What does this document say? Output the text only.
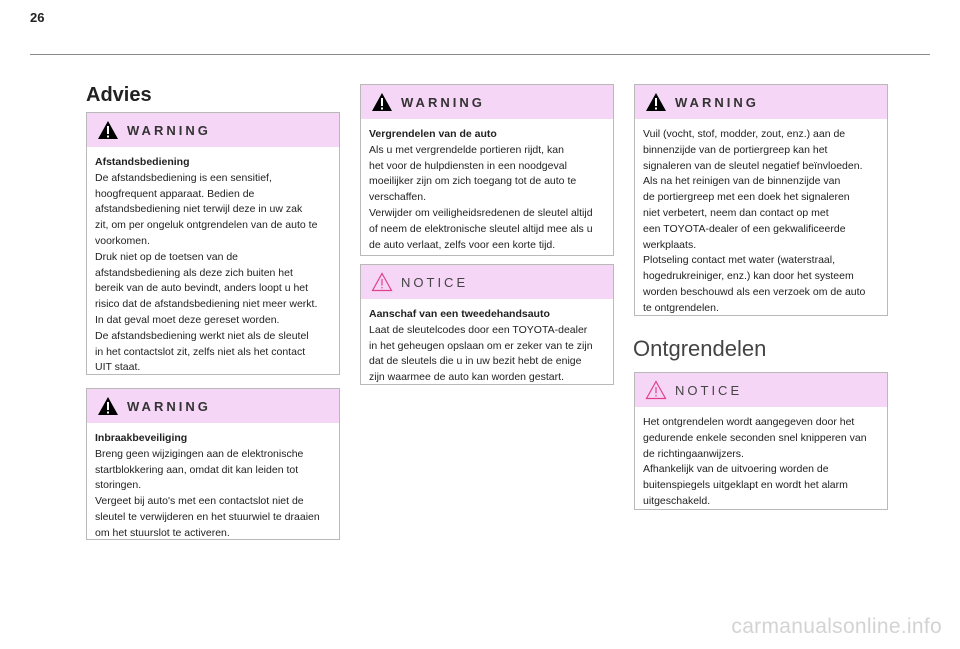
26
Advies
WARNING

Afstandsbediening

De afstandsbediening is een sensitief,
hoogfrequent apparaat. Bedien de
afstandsbediening niet terwijl deze in uw zak
zit, om per ongeluk ontgrendelen van de auto te
voorkomen.
Druk niet op de toetsen van de
afstandsbediening als deze zich buiten het
bereik van de auto bevindt, anders loopt u het
risico dat de afstandsbediening niet meer werkt.
In dat geval moet deze gereset worden.
De afstandsbediening werkt niet als de sleutel
in het contactslot zit, zelfs niet als het contact
UIT staat.

WARNING

Inbraakbeveiliging

Breng geen wijzigingen aan de elektronische
startblokkering aan, omdat dit kan leiden tot
storingen.
Vergeet bij auto's met een contactslot niet de
sleutel te verwijderen en het stuurwiel te draaien
om het stuurslot te activeren.

WARNING

Vergrendelen van de auto

Als u met vergrendelde portieren rijdt, kan
het voor de hulpdiensten in een noodgeval
moeilijker zijn om zich toegang tot de auto te
verschaffen.
Verwijder om veiligheidsredenen de sleutel altijd
of neem de elektronische sleutel altijd mee als u
de auto verlaat, zelfs voor een korte tijd.

NOTICE

Aanschaf van een tweedehandsauto

Laat de sleutelcodes door een TOYOTA-dealer
in het geheugen opslaan om er zeker van te zijn
dat de sleutels die u in uw bezit hebt de enige
zijn waarmee de auto kan worden gestart.

WARNING

Vuil (vocht, stof, modder, zout, enz.) aan de
binnenzijde van de portiergreep kan het
signaleren van de sleutel negatief beïnvloeden.
Als na het reinigen van de binnenzijde van
de portiergreep met een doek het signaleren
niet verbetert, neem dan contact op met
een TOYOTA-dealer of een gekwalificeerde
werkplaats.
Plotseling contact met water (waterstraal,
hogedrukreiniger, enz.) kan door het systeem
worden beschouwd als een verzoek om de auto
te ontgrendelen.

Ontgrendelen
NOTICE

Het ontgrendelen wordt aangegeven door het
gedurende enkele seconden snel knipperen van
de richtingaanwijzers.
Afhankelijk van de uitvoering worden de
buitenspiegels uitgeklapt en wordt het alarm
uitgeschakeld.

carmanualsonline.info
